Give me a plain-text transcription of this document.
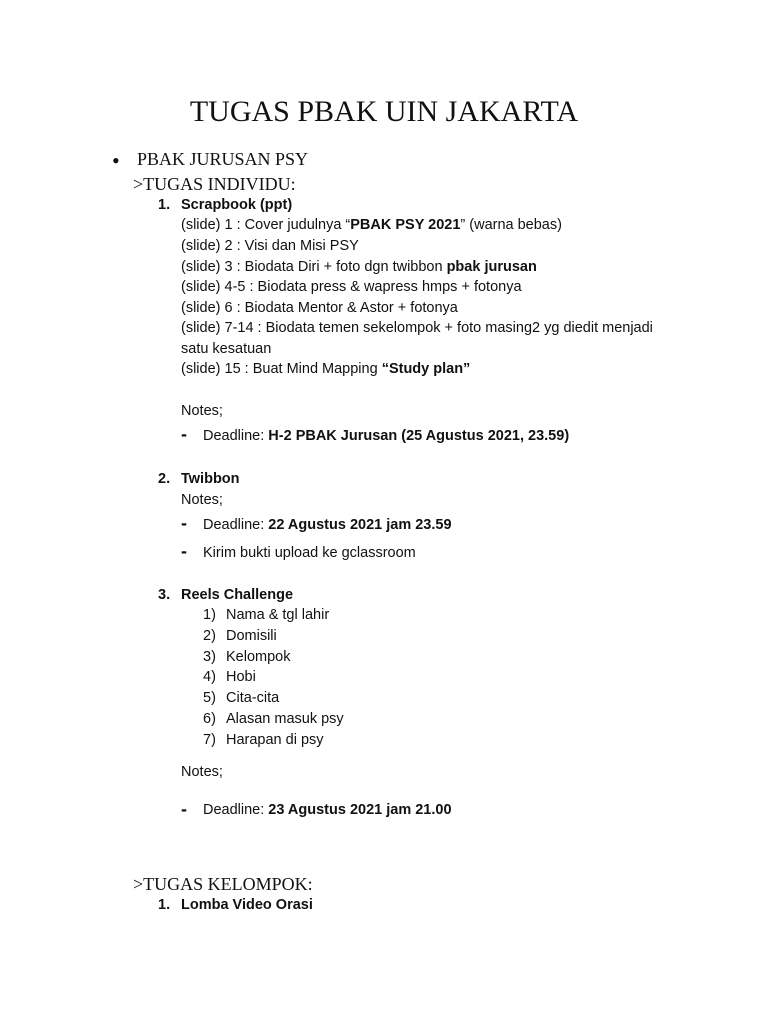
TUGAS PBAK UIN JAKARTA
• PBAK JURUSAN PSY
>TUGAS INDIVIDU:
1. Scrapbook (ppt)
(slide) 1 : Cover judulnya “PBAK PSY 2021” (warna bebas)
(slide) 2 : Visi dan Misi PSY
(slide) 3 : Biodata Diri + foto dgn twibbon pbak jurusan
(slide) 4-5 : Biodata press & wapress hmps + fotonya
(slide) 6 : Biodata Mentor & Astor + fotonya
(slide) 7-14 : Biodata temen sekelompok + foto masing2 yg diedit menjadi
satu kesatuan
(slide) 15 : Buat Mind Mapping “Study plan”
Notes;
- Deadline: H-2 PBAK Jurusan (25 Agustus 2021, 23.59)
2. Twibbon
Notes;
- Deadline: 22 Agustus 2021 jam 23.59
- Kirim bukti upload ke gclassroom
3. Reels Challenge
1) Nama & tgl lahir
2) Domisili
3) Kelompok
4) Hobi
5) Cita-cita
6) Alasan masuk psy
7) Harapan di psy
Notes;
- Deadline: 23 Agustus 2021 jam 21.00
>TUGAS KELOMPOK:
1. Lomba Video Orasi
